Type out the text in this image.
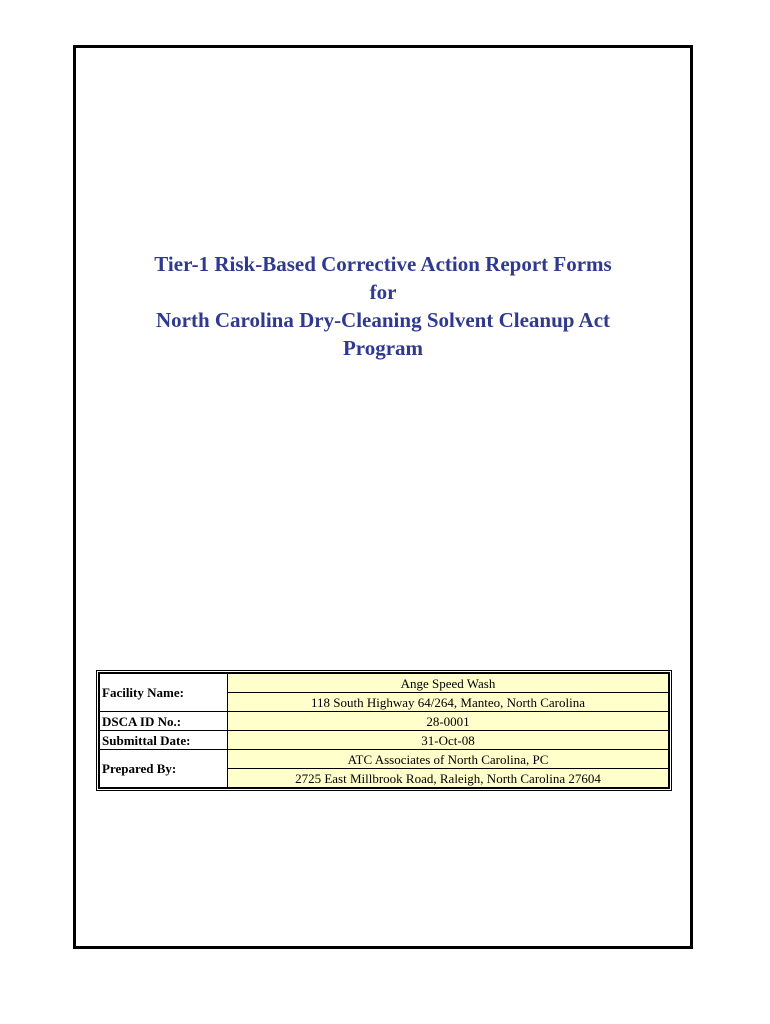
Tier-1 Risk-Based Corrective Action Report Forms
for
North Carolina Dry-Cleaning Solvent Cleanup Act
Program
Facility Name:	Ange Speed Wash
	118 South Highway 64/264, Manteo, North Carolina
DSCA ID No.:	28-0001
Submittal Date:	31-Oct-08
Prepared By:	ATC Associates of North Carolina, PC
	2725 East Millbrook Road, Raleigh, North Carolina 27604
